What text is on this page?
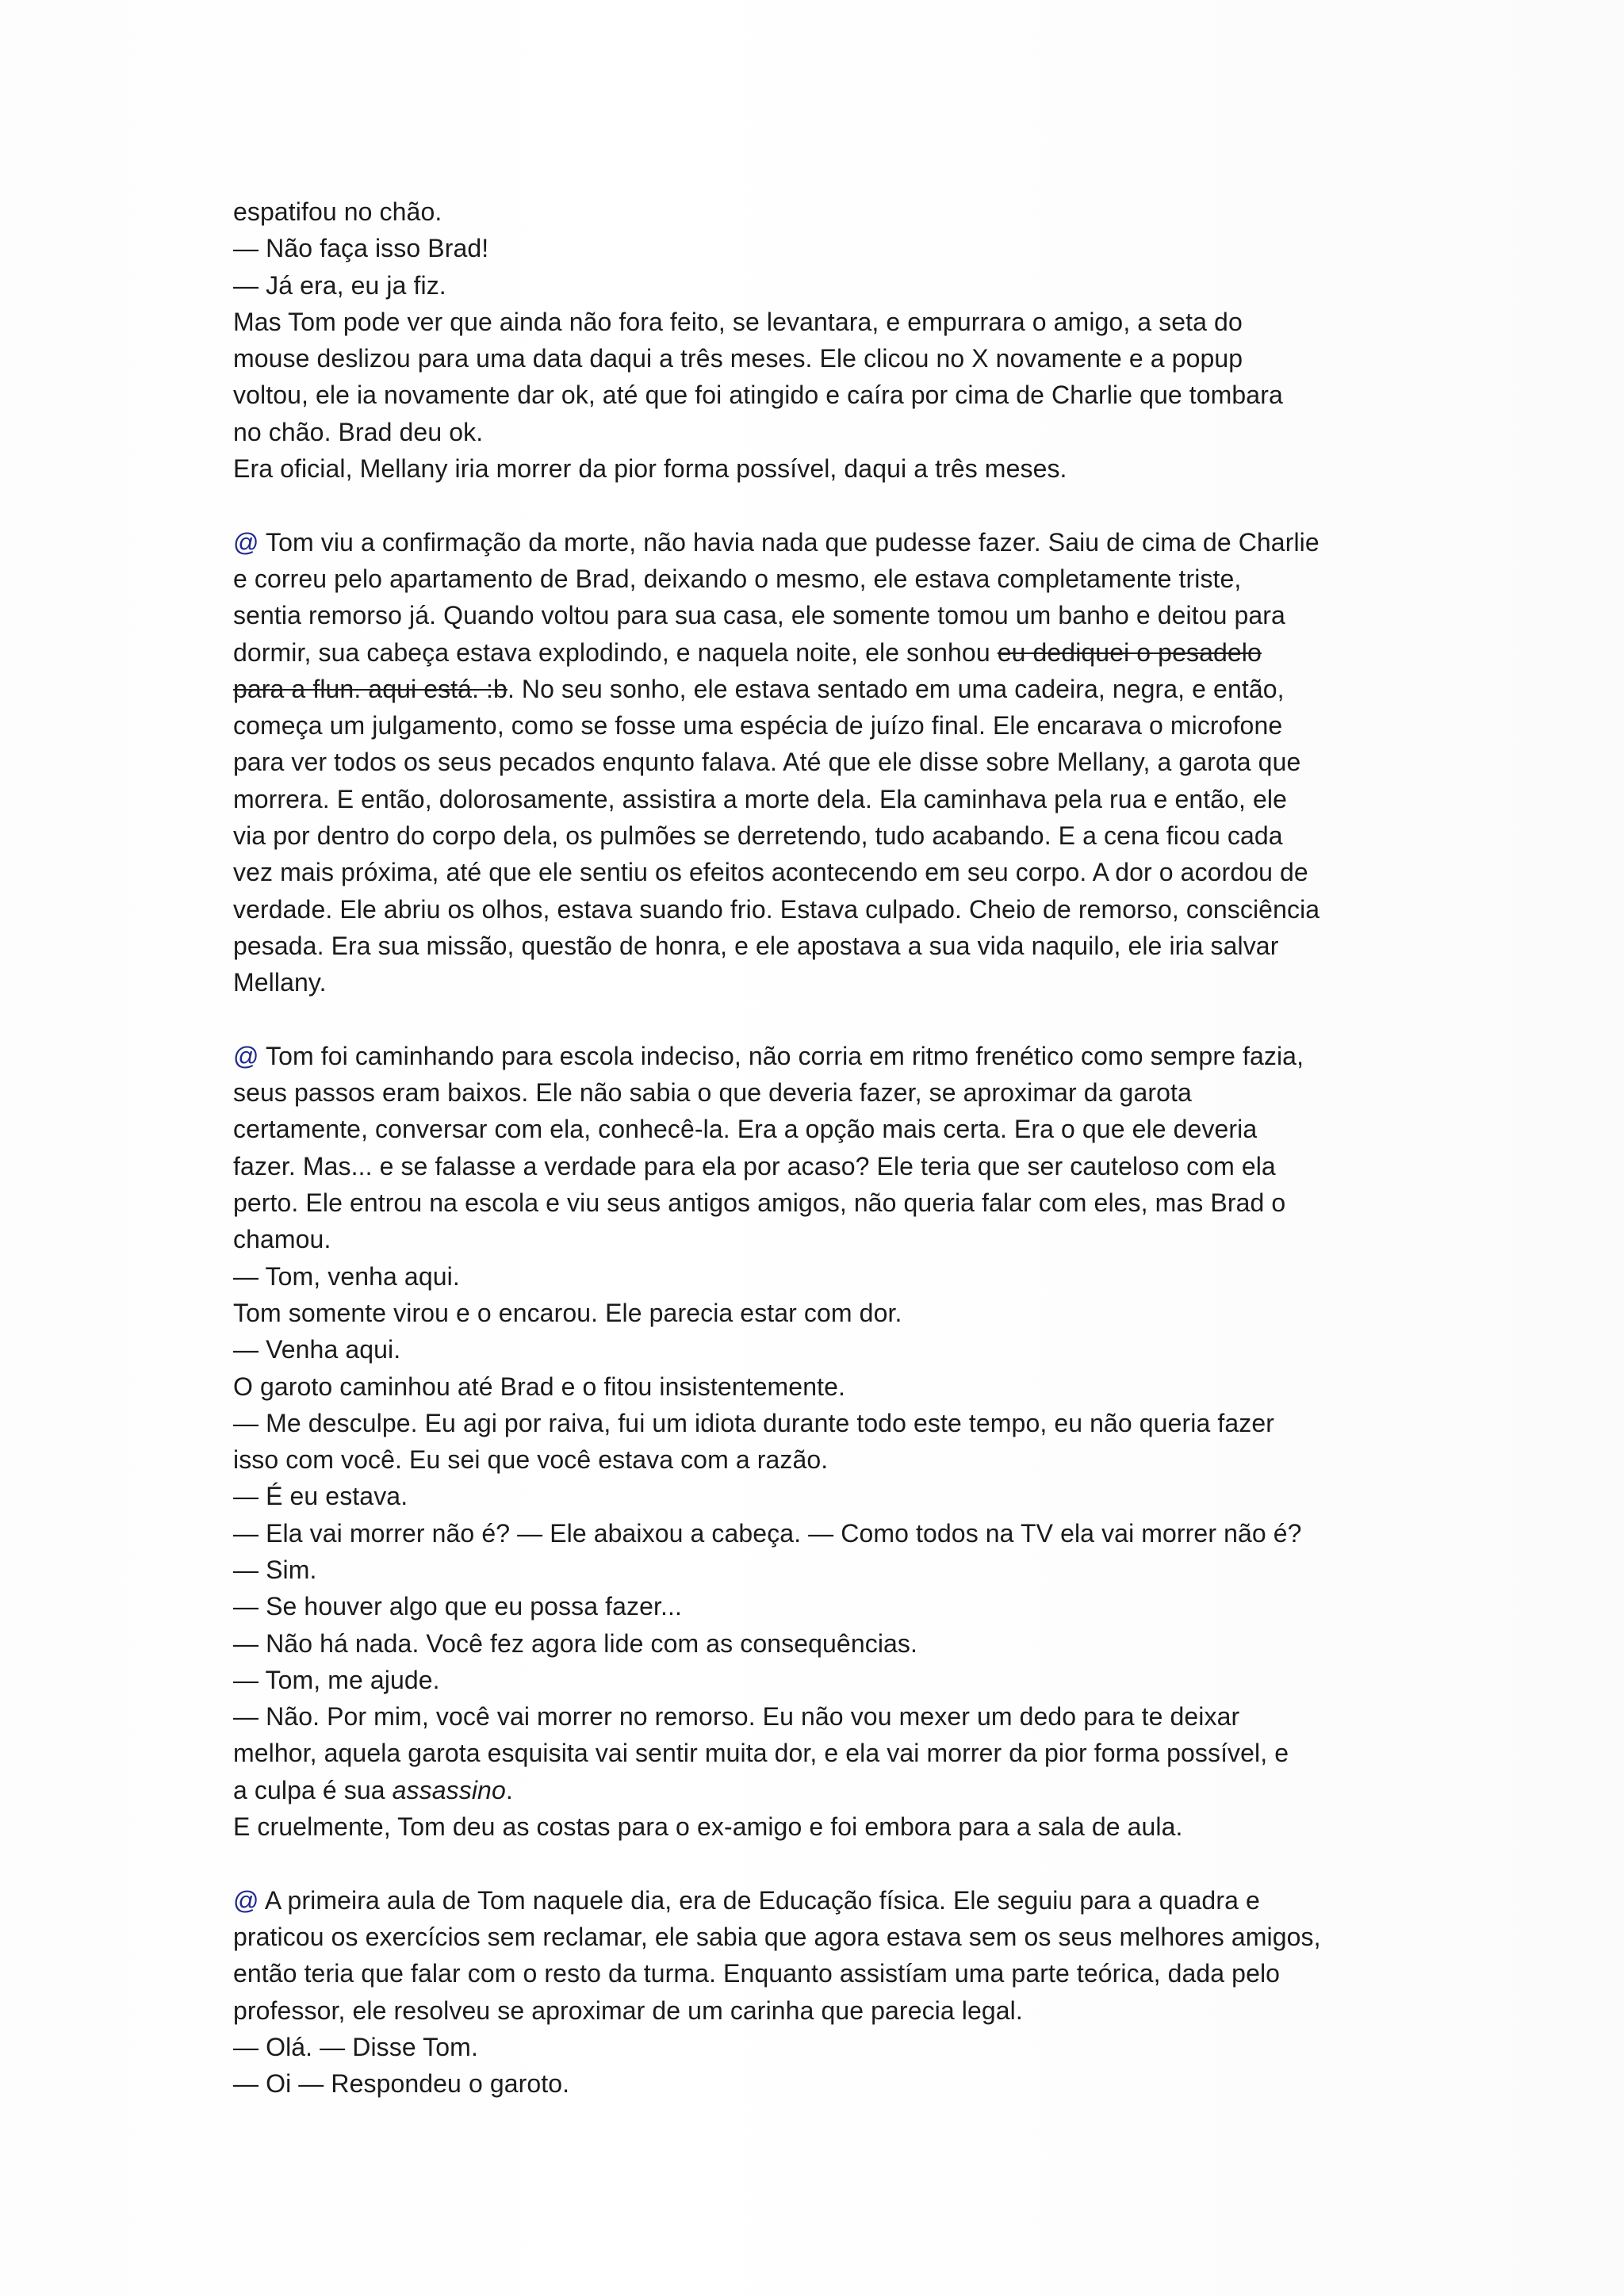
espatifou no chão.
— Não faça isso Brad!
— Já era, eu ja fiz.
Mas Tom pode ver que ainda não fora feito, se levantara, e empurrara o amigo, a seta do
mouse deslizou para uma data daqui a três meses. Ele clicou no X novamente e a popup
voltou, ele ia novamente dar ok, até que foi atingido e caíra por cima de Charlie que tombara
no chão. Brad deu ok.
Era oficial, Mellany iria morrer da pior forma possível, daqui a três meses.
@ Tom viu a confirmação da morte, não havia nada que pudesse fazer. Saiu de cima de Charlie
e correu pelo apartamento de Brad, deixando o mesmo, ele estava completamente triste,
sentia remorso já. Quando voltou para sua casa, ele somente tomou um banho e deitou para
dormir, sua cabeça estava explodindo, e naquela noite, ele sonhou eu dediquei o pesadelo
para a flun. aqui está. :b. No seu sonho, ele estava sentado em uma cadeira, negra, e então,
começa um julgamento, como se fosse uma espécia de juízo final. Ele encarava o microfone
para ver todos os seus pecados enqunto falava. Até que ele disse sobre Mellany, a garota que
morrera. E então, dolorosamente, assistira a morte dela. Ela caminhava pela rua e então, ele
via por dentro do corpo dela, os pulmões se derretendo, tudo acabando. E a cena ficou cada
vez mais próxima, até que ele sentiu os efeitos acontecendo em seu corpo. A dor o acordou de
verdade. Ele abriu os olhos, estava suando frio. Estava culpado. Cheio de remorso, consciência
pesada. Era sua missão, questão de honra, e ele apostava a sua vida naquilo, ele iria salvar
Mellany.
@ Tom foi caminhando para escola indeciso, não corria em ritmo frenético como sempre fazia,
seus passos eram baixos. Ele não sabia o que deveria fazer, se aproximar da garota
certamente, conversar com ela, conhecê-la. Era a opção mais certa. Era o que ele deveria
fazer. Mas... e se falasse a verdade para ela por acaso? Ele teria que ser cauteloso com ela
perto. Ele entrou na escola e viu seus antigos amigos, não queria falar com eles, mas Brad o
chamou.
— Tom, venha aqui.
Tom somente virou e o encarou. Ele parecia estar com dor.
— Venha aqui.
O garoto caminhou até Brad e o fitou insistentemente.
— Me desculpe. Eu agi por raiva, fui um idiota durante todo este tempo, eu não queria fazer
isso com você. Eu sei que você estava com a razão.
— É eu estava.
— Ela vai morrer não é? — Ele abaixou a cabeça. — Como todos na TV ela vai morrer não é?
— Sim.
— Se houver algo que eu possa fazer...
— Não há nada. Você fez agora lide com as consequências.
— Tom, me ajude.
— Não. Por mim, você vai morrer no remorso. Eu não vou mexer um dedo para te deixar
melhor, aquela garota esquisita vai sentir muita dor, e ela vai morrer da pior forma possível, e
a culpa é sua assassino.
E cruelmente, Tom deu as costas para o ex-amigo e foi embora para a sala de aula.
@ A primeira aula de Tom naquele dia, era de Educação física. Ele seguiu para a quadra e
praticou os exercícios sem reclamar, ele sabia que agora estava sem os seus melhores amigos,
então teria que falar com o resto da turma. Enquanto assistíam uma parte teórica, dada pelo
professor, ele resolveu se aproximar de um carinha que parecia legal.
— Olá. — Disse Tom.
— Oi — Respondeu o garoto.
